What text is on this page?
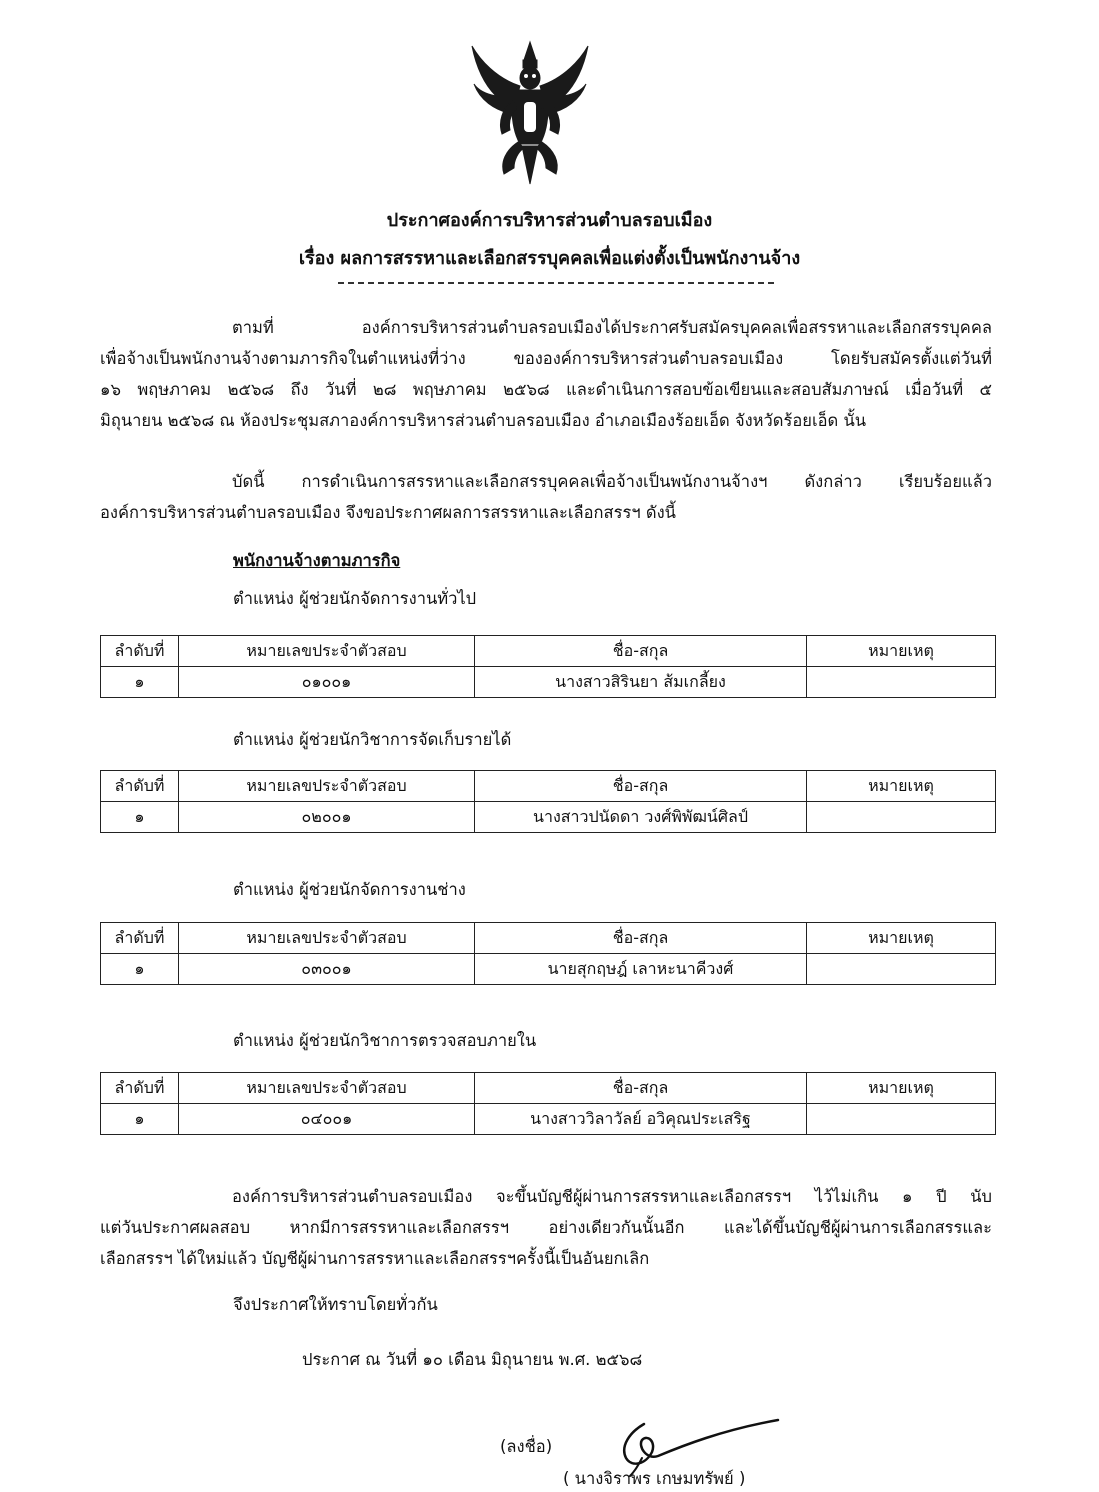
ประกาศองค์การบริหารส่วนตำบลรอบเมือง
เรื่อง ผลการสรรหาและเลือกสรรบุคคลเพื่อแต่งตั้งเป็นพนักงานจ้าง
ตามที่ องค์การบริหารส่วนตำบลรอบเมืองได้ประกาศรับสมัครบุคคลเพื่อสรรหาและเลือกสรรบุคคล
เพื่อจ้างเป็นพนักงานจ้างตามภารกิจในตำแหน่งที่ว่าง ขององค์การบริหารส่วนตำบลรอบเมือง โดยรับสมัครตั้งแต่วันที่
๑๖ พฤษภาคม ๒๕๖๘ ถึง วันที่ ๒๘ พฤษภาคม ๒๕๖๘ และดำเนินการสอบข้อเขียนและสอบสัมภาษณ์ เมื่อวันที่ ๕
มิถุนายน ๒๕๖๘ ณ ห้องประชุมสภาองค์การบริหารส่วนตำบลรอบเมือง อำเภอเมืองร้อยเอ็ด จังหวัดร้อยเอ็ด นั้น
บัดนี้ การดำเนินการสรรหาและเลือกสรรบุคคลเพื่อจ้างเป็นพนักงานจ้างฯ ดังกล่าว เรียบร้อยแล้ว
องค์การบริหารส่วนตำบลรอบเมือง จึงขอประกาศผลการสรรหาและเลือกสรรฯ ดังนี้
พนักงานจ้างตามภารกิจ
ตำแหน่ง ผู้ช่วยนักจัดการงานทั่วไป
ลำดับที่	หมายเลขประจำตัวสอบ	ชื่อ-สกุล	หมายเหตุ
๑	๐๑๐๐๑	นางสาวสิรินยา ส้มเกลี้ยง	
ตำแหน่ง ผู้ช่วยนักวิชาการจัดเก็บรายได้
ลำดับที่	หมายเลขประจำตัวสอบ	ชื่อ-สกุล	หมายเหตุ
๑	๐๒๐๐๑	นางสาวปนัดดา วงศ์พิพัฒน์ศิลป์	
ตำแหน่ง ผู้ช่วยนักจัดการงานช่าง
ลำดับที่	หมายเลขประจำตัวสอบ	ชื่อ-สกุล	หมายเหตุ
๑	๐๓๐๐๑	นายสุกฤษฎ์ เลาหะนาคีวงศ์	
ตำแหน่ง ผู้ช่วยนักวิชาการตรวจสอบภายใน
ลำดับที่	หมายเลขประจำตัวสอบ	ชื่อ-สกุล	หมายเหตุ
๑	๐๔๐๐๑	นางสาววิลาวัลย์ อวิคุณประเสริฐ	
องค์การบริหารส่วนตำบลรอบเมือง จะขึ้นบัญชีผู้ผ่านการสรรหาและเลือกสรรฯ ไว้ไม่เกิน ๑ ปี นับ
แต่วันประกาศผลสอบ หากมีการสรรหาและเลือกสรรฯ อย่างเดียวกันนั้นอีก และได้ขึ้นบัญชีผู้ผ่านการเลือกสรรและ
เลือกสรรฯ ได้ใหม่แล้ว บัญชีผู้ผ่านการสรรหาและเลือกสรรฯครั้งนี้เป็นอันยกเลิก
จึงประกาศให้ทราบโดยทั่วกัน
ประกาศ ณ วันที่ ๑๐ เดือน มิถุนายน พ.ศ. ๒๕๖๘
(ลงชื่อ)
( นางจิราพร เกษมทรัพย์ )
